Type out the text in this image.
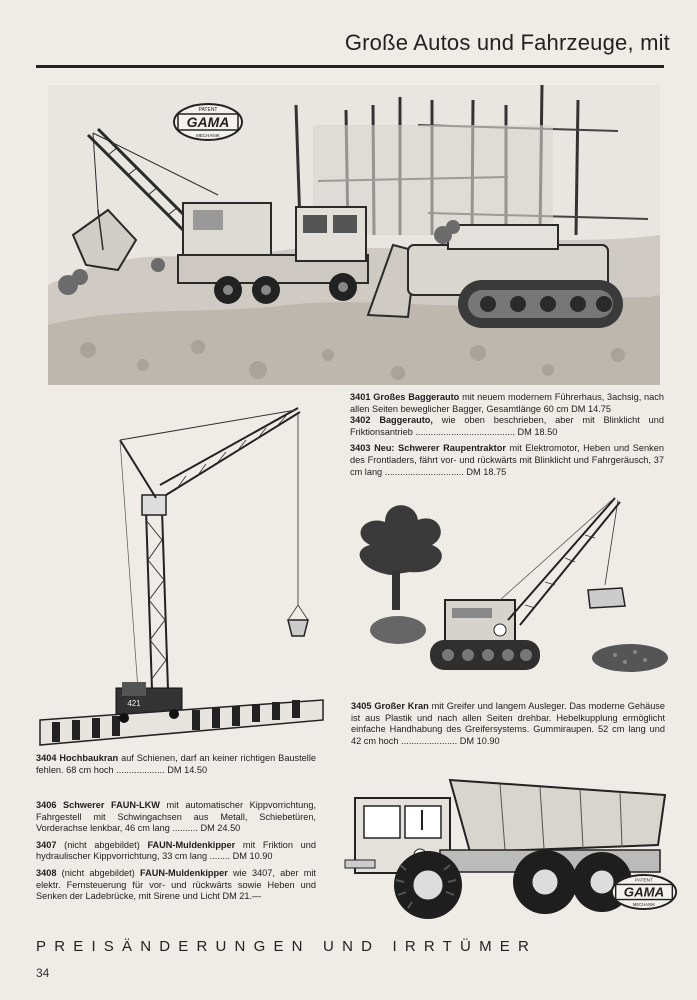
Große Autos und Fahrzeuge, mit
PATENT
GAMA
MECHANIK

3401 Großes Baggerauto mit neuem modernem Führerhaus, 3achsig, nach allen Seiten beweglicher Bagger, Gesamtlänge 60 cm DM 14.75
3402 Baggerauto, wie oben beschrieben, aber mit Blinklicht und Friktionsantrieb ....................................... DM 18.50

3403 Neu: Schwerer Raupentraktor mit Elektromotor, Heben und Senken des Frontladers, fährt vor- und rückwärts mit Blinklicht und Fahrgeräusch, 37 cm lang ............................... DM 18.75

421	3405 Großer Kran mit Greifer und langem Ausleger. Das moderne Gehäuse ist aus Plastik und nach allen Seiten drehbar. Hebelkupplung ermöglicht einfache Handhabung des Greifersystems. Gummiraupen. 52 cm lang und 42 cm hoch ...................... DM 10.90

3404 Hochbaukran auf Schienen, darf an keiner richtigen Baustelle fehlen. 68 cm hoch ................... DM 14.50

3406 Schwerer FAUN-LKW mit automatischer Kippvorrichtung, Fahrgestell mit Schwingachsen aus Metall, Schiebetüren, Vorderachse lenkbar, 46 cm lang .......... DM 24.50

3407 (nicht abgebildet) FAUN-Muldenkipper mit Friktion und hydraulischer Kippvorrichtung, 33 cm lang ........ DM 10.90

3408 (nicht abgebildet) FAUN-Muldenkipper wie 3407, aber mit elektr. Fernsteuerung für vor- und rückwärts sowie Heben und Senken der Ladebrücke, mit Sirene und Licht DM 21.—

PATENT
GAMA
MECHANIK
PREISÄNDERUNGEN UND IRRTÜMER
34
